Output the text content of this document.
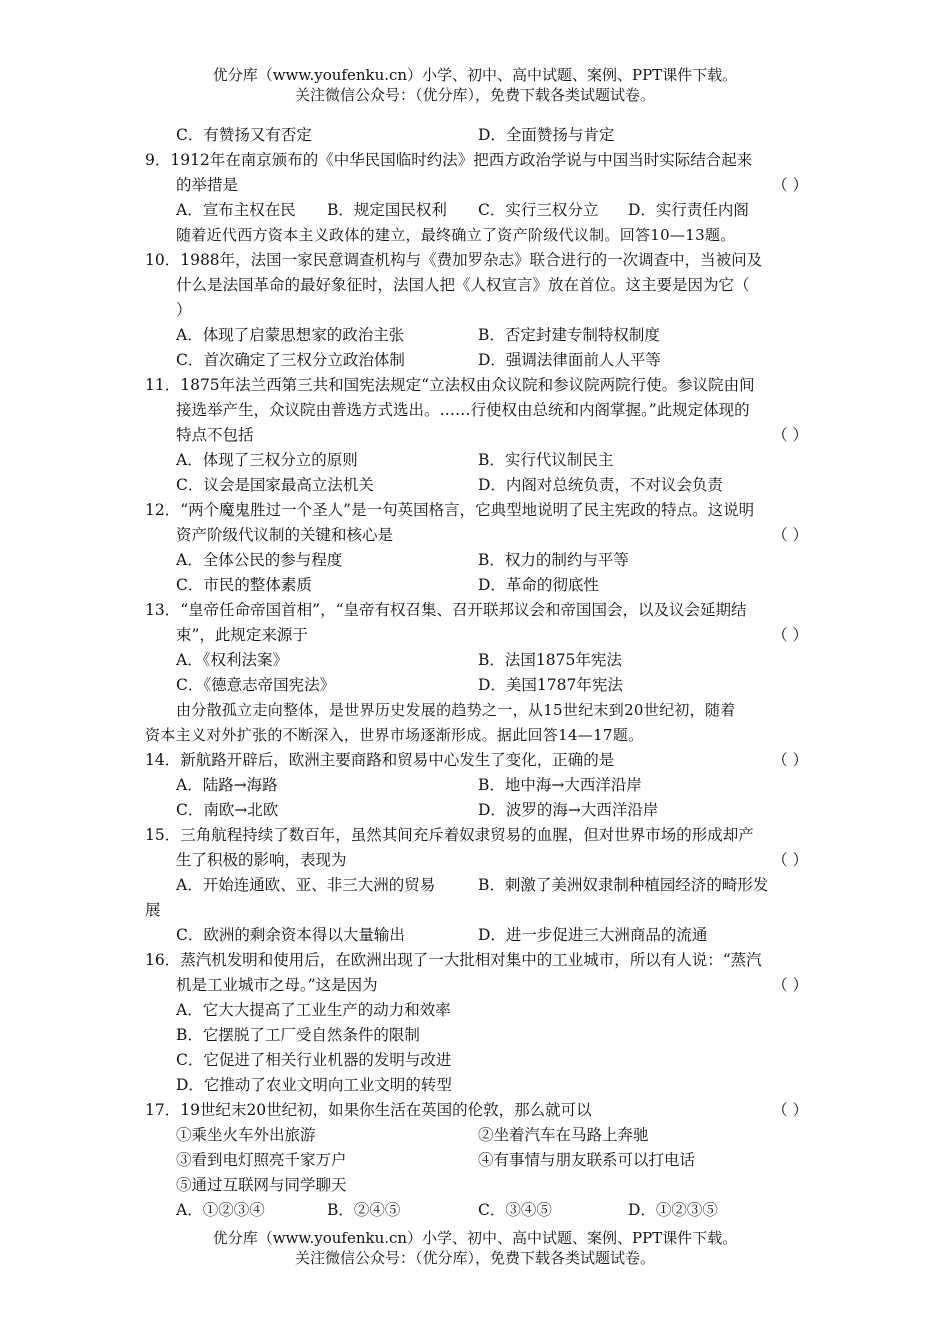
优分库（www.youfenku.cn）小学、初中、高中试题、案例、PPT课件下载。
关注微信公众号：（优分库），免费下载各类试题试卷。
C．有赞扬又有否定	D．全面赞扬与肯定
9．1912年在南京颁布的《中华民国临时约法》把西方政治学说与中国当时实际结合起来
的举措是	（ ）
A．宣布主权在民 B．规定国民权利 C．实行三权分立 D．实行责任内阁
随着近代西方资本主义政体的建立，最终确立了资产阶级代议制。回答10—13题。
10．1988年，法国一家民意调查机构与《费加罗杂志》联合进行的一次调查中，当被问及
什么是法国革命的最好象征时，法国人把《人权宣言》放在首位。这主要是因为它（
）
A．体现了启蒙思想家的政治主张	B．否定封建专制特权制度
C．首次确定了三权分立政治体制	D．强调法律面前人人平等
11．1875年法兰西第三共和国宪法规定“立法权由众议院和参议院两院行使。参议院由间
接选举产生，众议院由普选方式选出。……行使权由总统和内阁掌握。”此规定体现的
特点不包括	（ ）
A．体现了三权分立的原则	B．实行代议制民主
C．议会是国家最高立法机关	D．内阁对总统负责，不对议会负责
12．“两个魔鬼胜过一个圣人”是一句英国格言，它典型地说明了民主宪政的特点。这说明
资产阶级代议制的关键和核心是	（ ）
A．全体公民的参与程度	B．权力的制约与平等
C．市民的整体素质	D．革命的彻底性
13．“皇帝任命帝国首相”，“皇帝有权召集、召开联邦议会和帝国国会，以及议会延期结
束”，此规定来源于	（ ）
A．《权利法案》	B．法国1875年宪法
C．《德意志帝国宪法》	D．美国1787年宪法
由分散孤立走向整体，是世界历史发展的趋势之一，从15世纪末到20世纪初，随着
资本主义对外扩张的不断深入，世界市场逐渐形成。据此回答14—17题。
14．新航路开辟后，欧洲主要商路和贸易中心发生了变化，正确的是	（ ）
A．陆路→海路	B．地中海→大西洋沿岸
C．南欧→北欧	D．波罗的海→大西洋沿岸
15．三角航程持续了数百年，虽然其间充斥着奴隶贸易的血腥，但对世界市场的形成却产
生了积极的影响，表现为	（ ）
A．开始连通欧、亚、非三大洲的贸易	B．刺激了美洲奴隶制种植园经济的畸形发
展
C．欧洲的剩余资本得以大量输出	D．进一步促进三大洲商品的流通
16．蒸汽机发明和使用后，在欧洲出现了一大批相对集中的工业城市，所以有人说：“蒸汽
机是工业城市之母。”这是因为	（ ）
A．它大大提高了工业生产的动力和效率
B．它摆脱了工厂受自然条件的限制
C．它促进了相关行业机器的发明与改进
D．它推动了农业文明向工业文明的转型
17．19世纪末20世纪初，如果你生活在英国的伦敦，那么就可以	（ ）
①乘坐火车外出旅游	②坐着汽车在马路上奔驰
③看到电灯照亮千家万户	④有事情与朋友联系可以打电话
⑤通过互联网与同学聊天
A．①②③④	B．②④⑤	C．③④⑤	D．①②③⑤
优分库（www.youfenku.cn）小学、初中、高中试题、案例、PPT课件下载。
关注微信公众号：（优分库），免费下载各类试题试卷。
